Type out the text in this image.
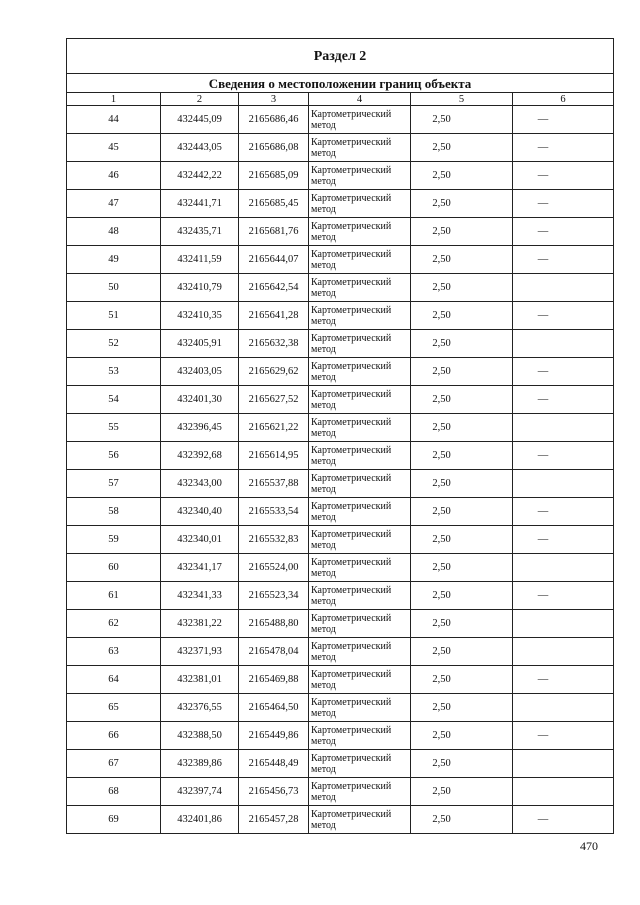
Раздел 2					
Сведения о местоположении границ объекта					
1	2	3	4	5	6
44	432445,09	2165686,46	Картометрический метод	2,50	—
45	432443,05	2165686,08	Картометрический метод	2,50	—
46	432442,22	2165685,09	Картометрический метод	2,50	—
47	432441,71	2165685,45	Картометрический метод	2,50	—
48	432435,71	2165681,76	Картометрический метод	2,50	—
49	432411,59	2165644,07	Картометрический метод	2,50	—
50	432410,79	2165642,54	Картометрический метод	2,50	
51	432410,35	2165641,28	Картометрический метод	2,50	—
52	432405,91	2165632,38	Картометрический метод	2,50	
53	432403,05	2165629,62	Картометрический метод	2,50	—
54	432401,30	2165627,52	Картометрический метод	2,50	—
55	432396,45	2165621,22	Картометрический метод	2,50	
56	432392,68	2165614,95	Картометрический метод	2,50	—
57	432343,00	2165537,88	Картометрический метод	2,50	
58	432340,40	2165533,54	Картометрический метод	2,50	—
59	432340,01	2165532,83	Картометрический метод	2,50	—
60	432341,17	2165524,00	Картометрический метод	2,50	
61	432341,33	2165523,34	Картометрический метод	2,50	—
62	432381,22	2165488,80	Картометрический метод	2,50	
63	432371,93	2165478,04	Картометрический метод	2,50	
64	432381,01	2165469,88	Картометрический метод	2,50	—
65	432376,55	2165464,50	Картометрический метод	2,50	
66	432388,50	2165449,86	Картометрический метод	2,50	—
67	432389,86	2165448,49	Картометрический метод	2,50	
68	432397,74	2165456,73	Картометрический метод	2,50	
69	432401,86	2165457,28	Картометрический метод	2,50	—
470
